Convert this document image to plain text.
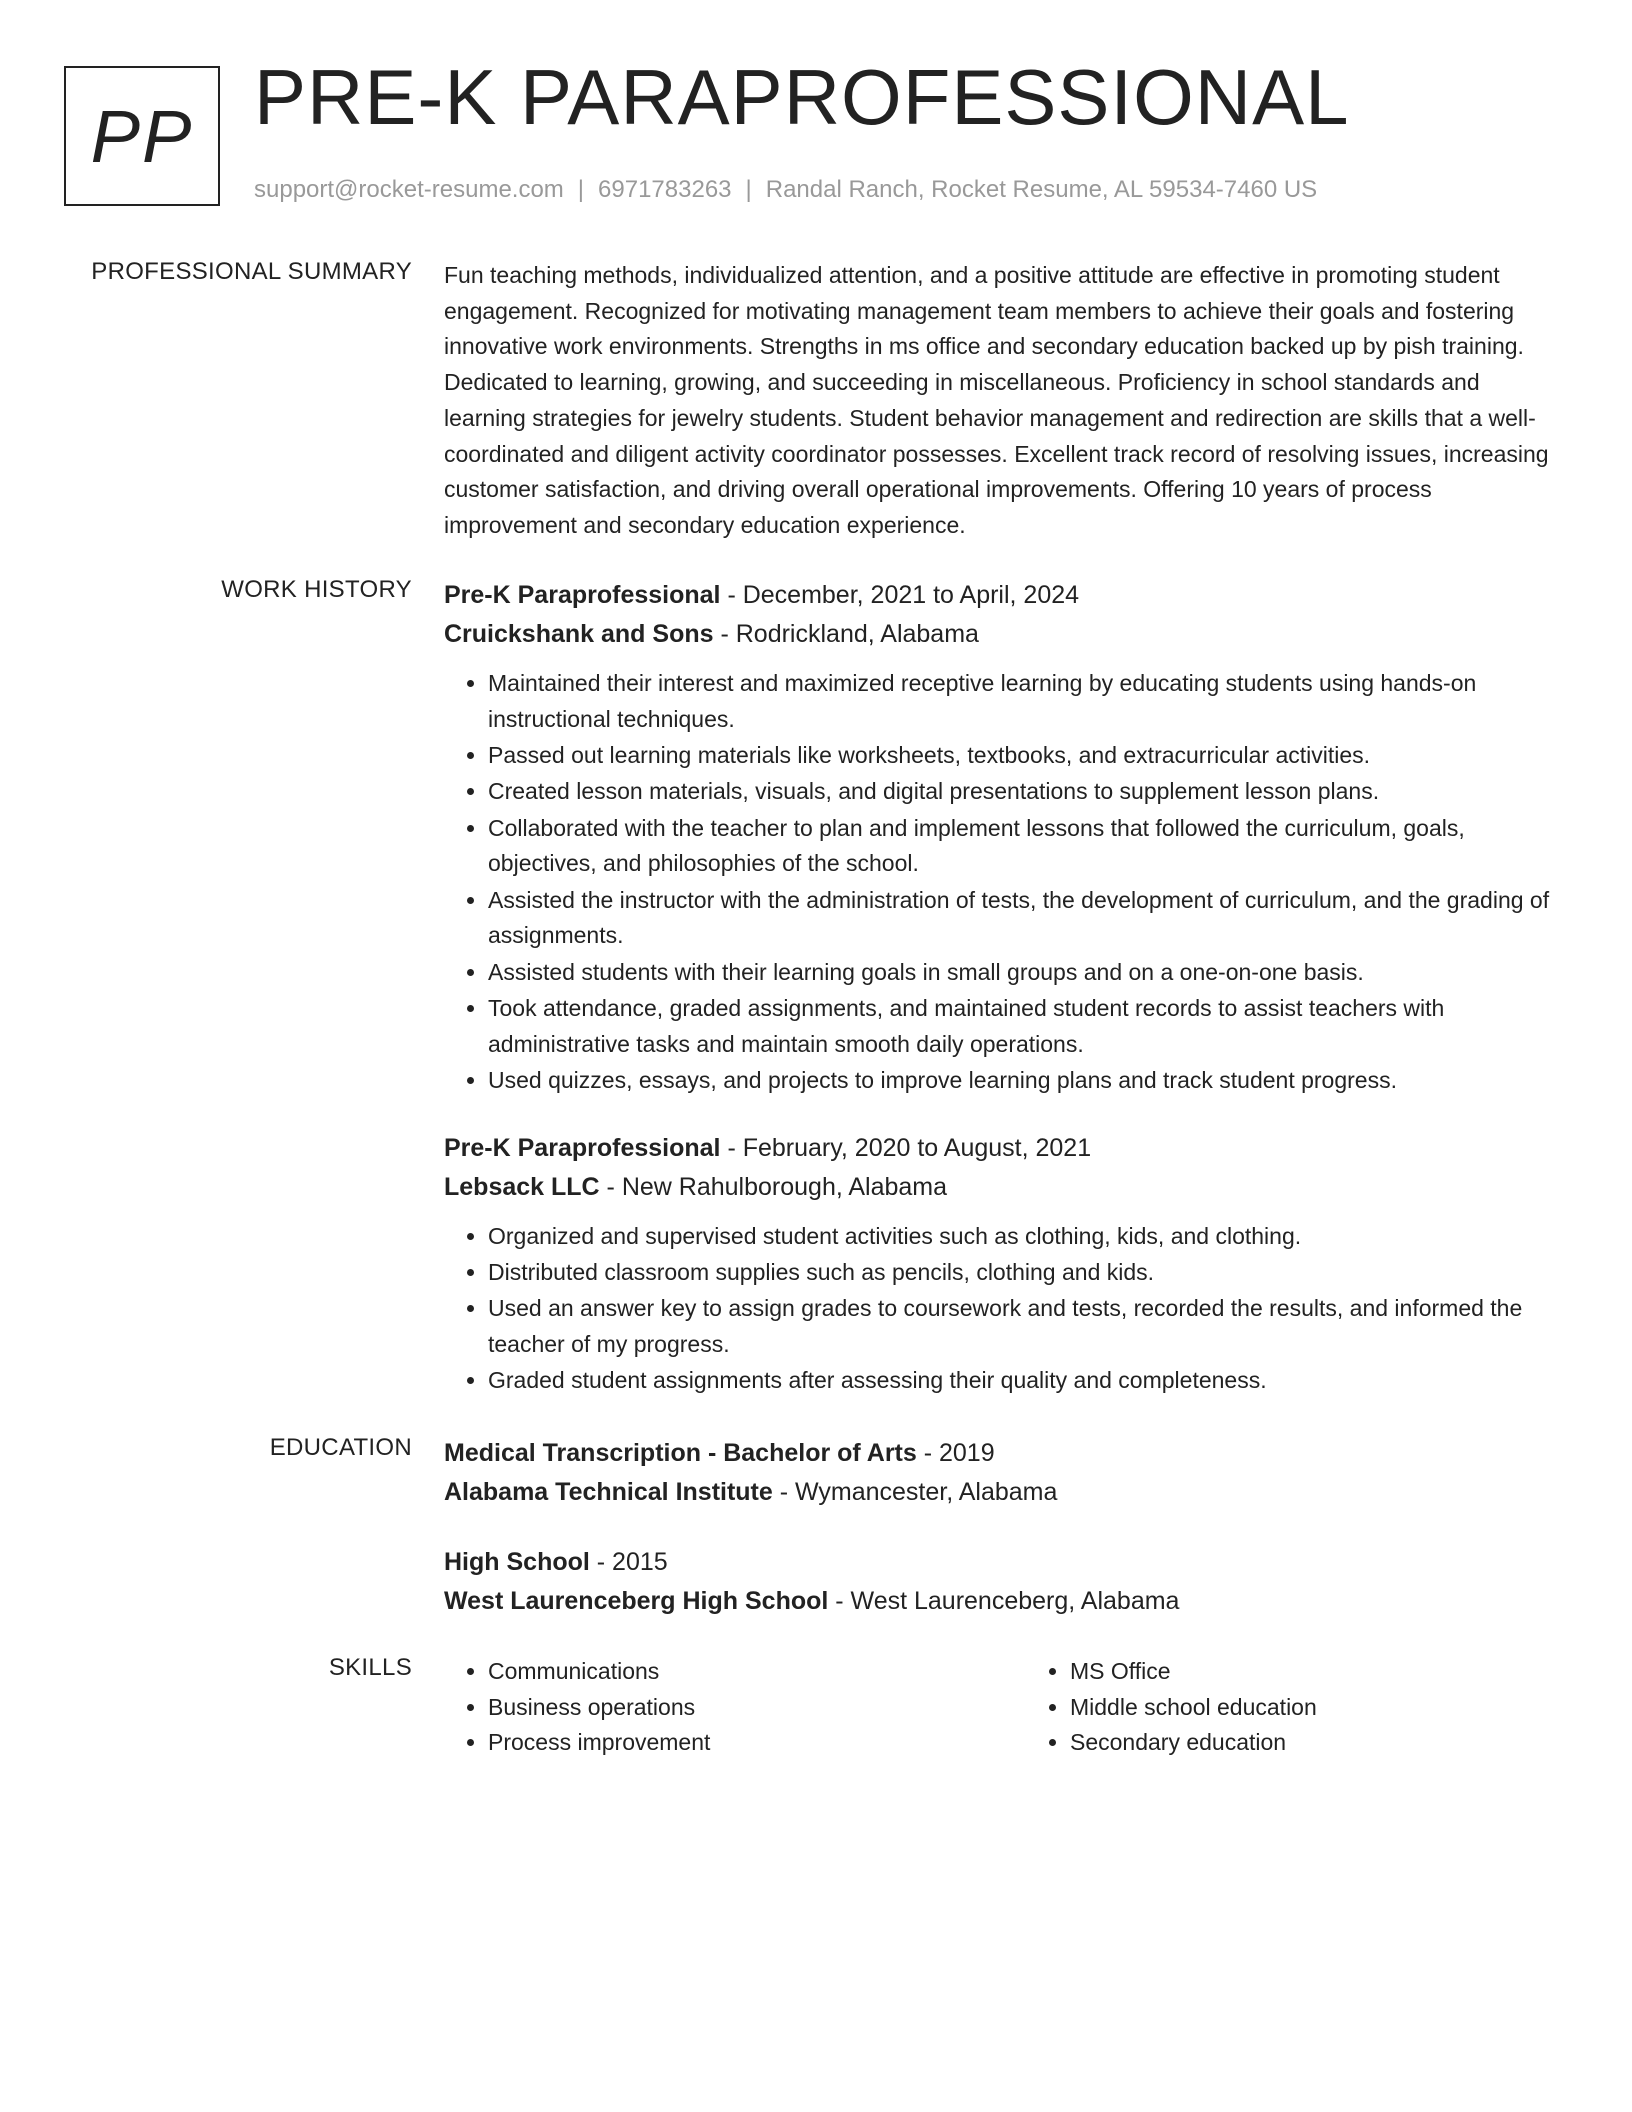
PP PRE-K PARAPROFESSIONAL
support@rocket-resume.com | 6971783263 | Randal Ranch, Rocket Resume, AL 59534-7460 US
PROFESSIONAL SUMMARY Fun teaching methods, individualized attention, and a positive attitude are effective in promoting student engagement. Recognized for motivating management team members to achieve their goals and fostering innovative work environments. Strengths in ms office and secondary education backed up by pish training. Dedicated to learning, growing, and succeeding in miscellaneous. Proficiency in school standards and learning strategies for jewelry students. Student behavior management and redirection are skills that a well-coordinated and diligent activity coordinator possesses. Excellent track record of resolving issues, increasing customer satisfaction, and driving overall operational improvements. Offering 10 years of process improvement and secondary education experience.

WORK HISTORY Pre-K Paraprofessional - December, 2021 to April, 2024
Cruickshank and Sons - Rodrickland, Alabama
• Maintained their interest and maximized receptive learning by educating students using hands-on instructional techniques.
• Passed out learning materials like worksheets, textbooks, and extracurricular activities.
• Created lesson materials, visuals, and digital presentations to supplement lesson plans.
• Collaborated with the teacher to plan and implement lessons that followed the curriculum, goals, objectives, and philosophies of the school.
• Assisted the instructor with the administration of tests, the development of curriculum, and the grading of assignments.
• Assisted students with their learning goals in small groups and on a one-on-one basis.
• Took attendance, graded assignments, and maintained student records to assist teachers with administrative tasks and maintain smooth daily operations.
• Used quizzes, essays, and projects to improve learning plans and track student progress.
Pre-K Paraprofessional - February, 2020 to August, 2021
Lebsack LLC - New Rahulborough, Alabama
• Organized and supervised student activities such as clothing, kids, and clothing.
• Distributed classroom supplies such as pencils, clothing and kids.
• Used an answer key to assign grades to coursework and tests, recorded the results, and informed the teacher of my progress.
• Graded student assignments after assessing their quality and completeness.
EDUCATION Medical Transcription - Bachelor of Arts - 2019
Alabama Technical Institute - Wymancester, Alabama
High School - 2015
West Laurenceberg High School - West Laurenceberg, Alabama
SKILLS
•	Communications
• Business operations
• Process improvement
• MS Office
• Middle school education
• Secondary education
